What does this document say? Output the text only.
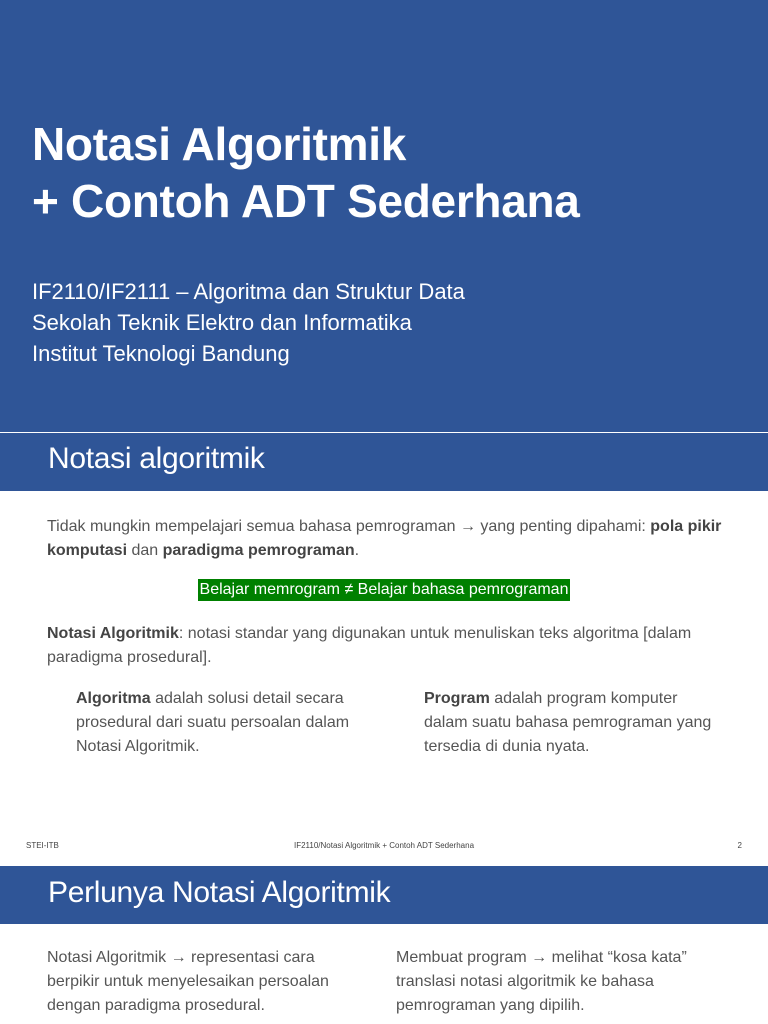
Notasi Algoritmik
+ Contoh ADT Sederhana
IF2110/IF2111 – Algoritma dan Struktur Data
Sekolah Teknik Elektro dan Informatika
Institut Teknologi Bandung
Notasi algoritmik
Tidak mungkin mempelajari semua bahasa pemrograman → yang penting dipahami: pola pikir komputasi dan paradigma pemrograman.
Belajar memrogram ≠ Belajar bahasa pemrograman
Notasi Algoritmik: notasi standar yang digunakan untuk menuliskan teks algoritma [dalam paradigma prosedural].
Algoritma adalah solusi detail secara prosedural dari suatu persoalan dalam Notasi Algoritmik.
Program adalah program komputer dalam suatu bahasa pemrograman yang tersedia di dunia nyata.
STEI-ITB	IF2110/Notasi Algoritmik + Contoh ADT Sederhana	2
Perlunya Notasi Algoritmik
Notasi Algoritmik → representasi cara berpikir untuk menyelesaikan persoalan dengan paradigma prosedural.
Membuat program → melihat “kosa kata” translasi notasi algoritmik ke bahasa pemrograman yang dipilih.
